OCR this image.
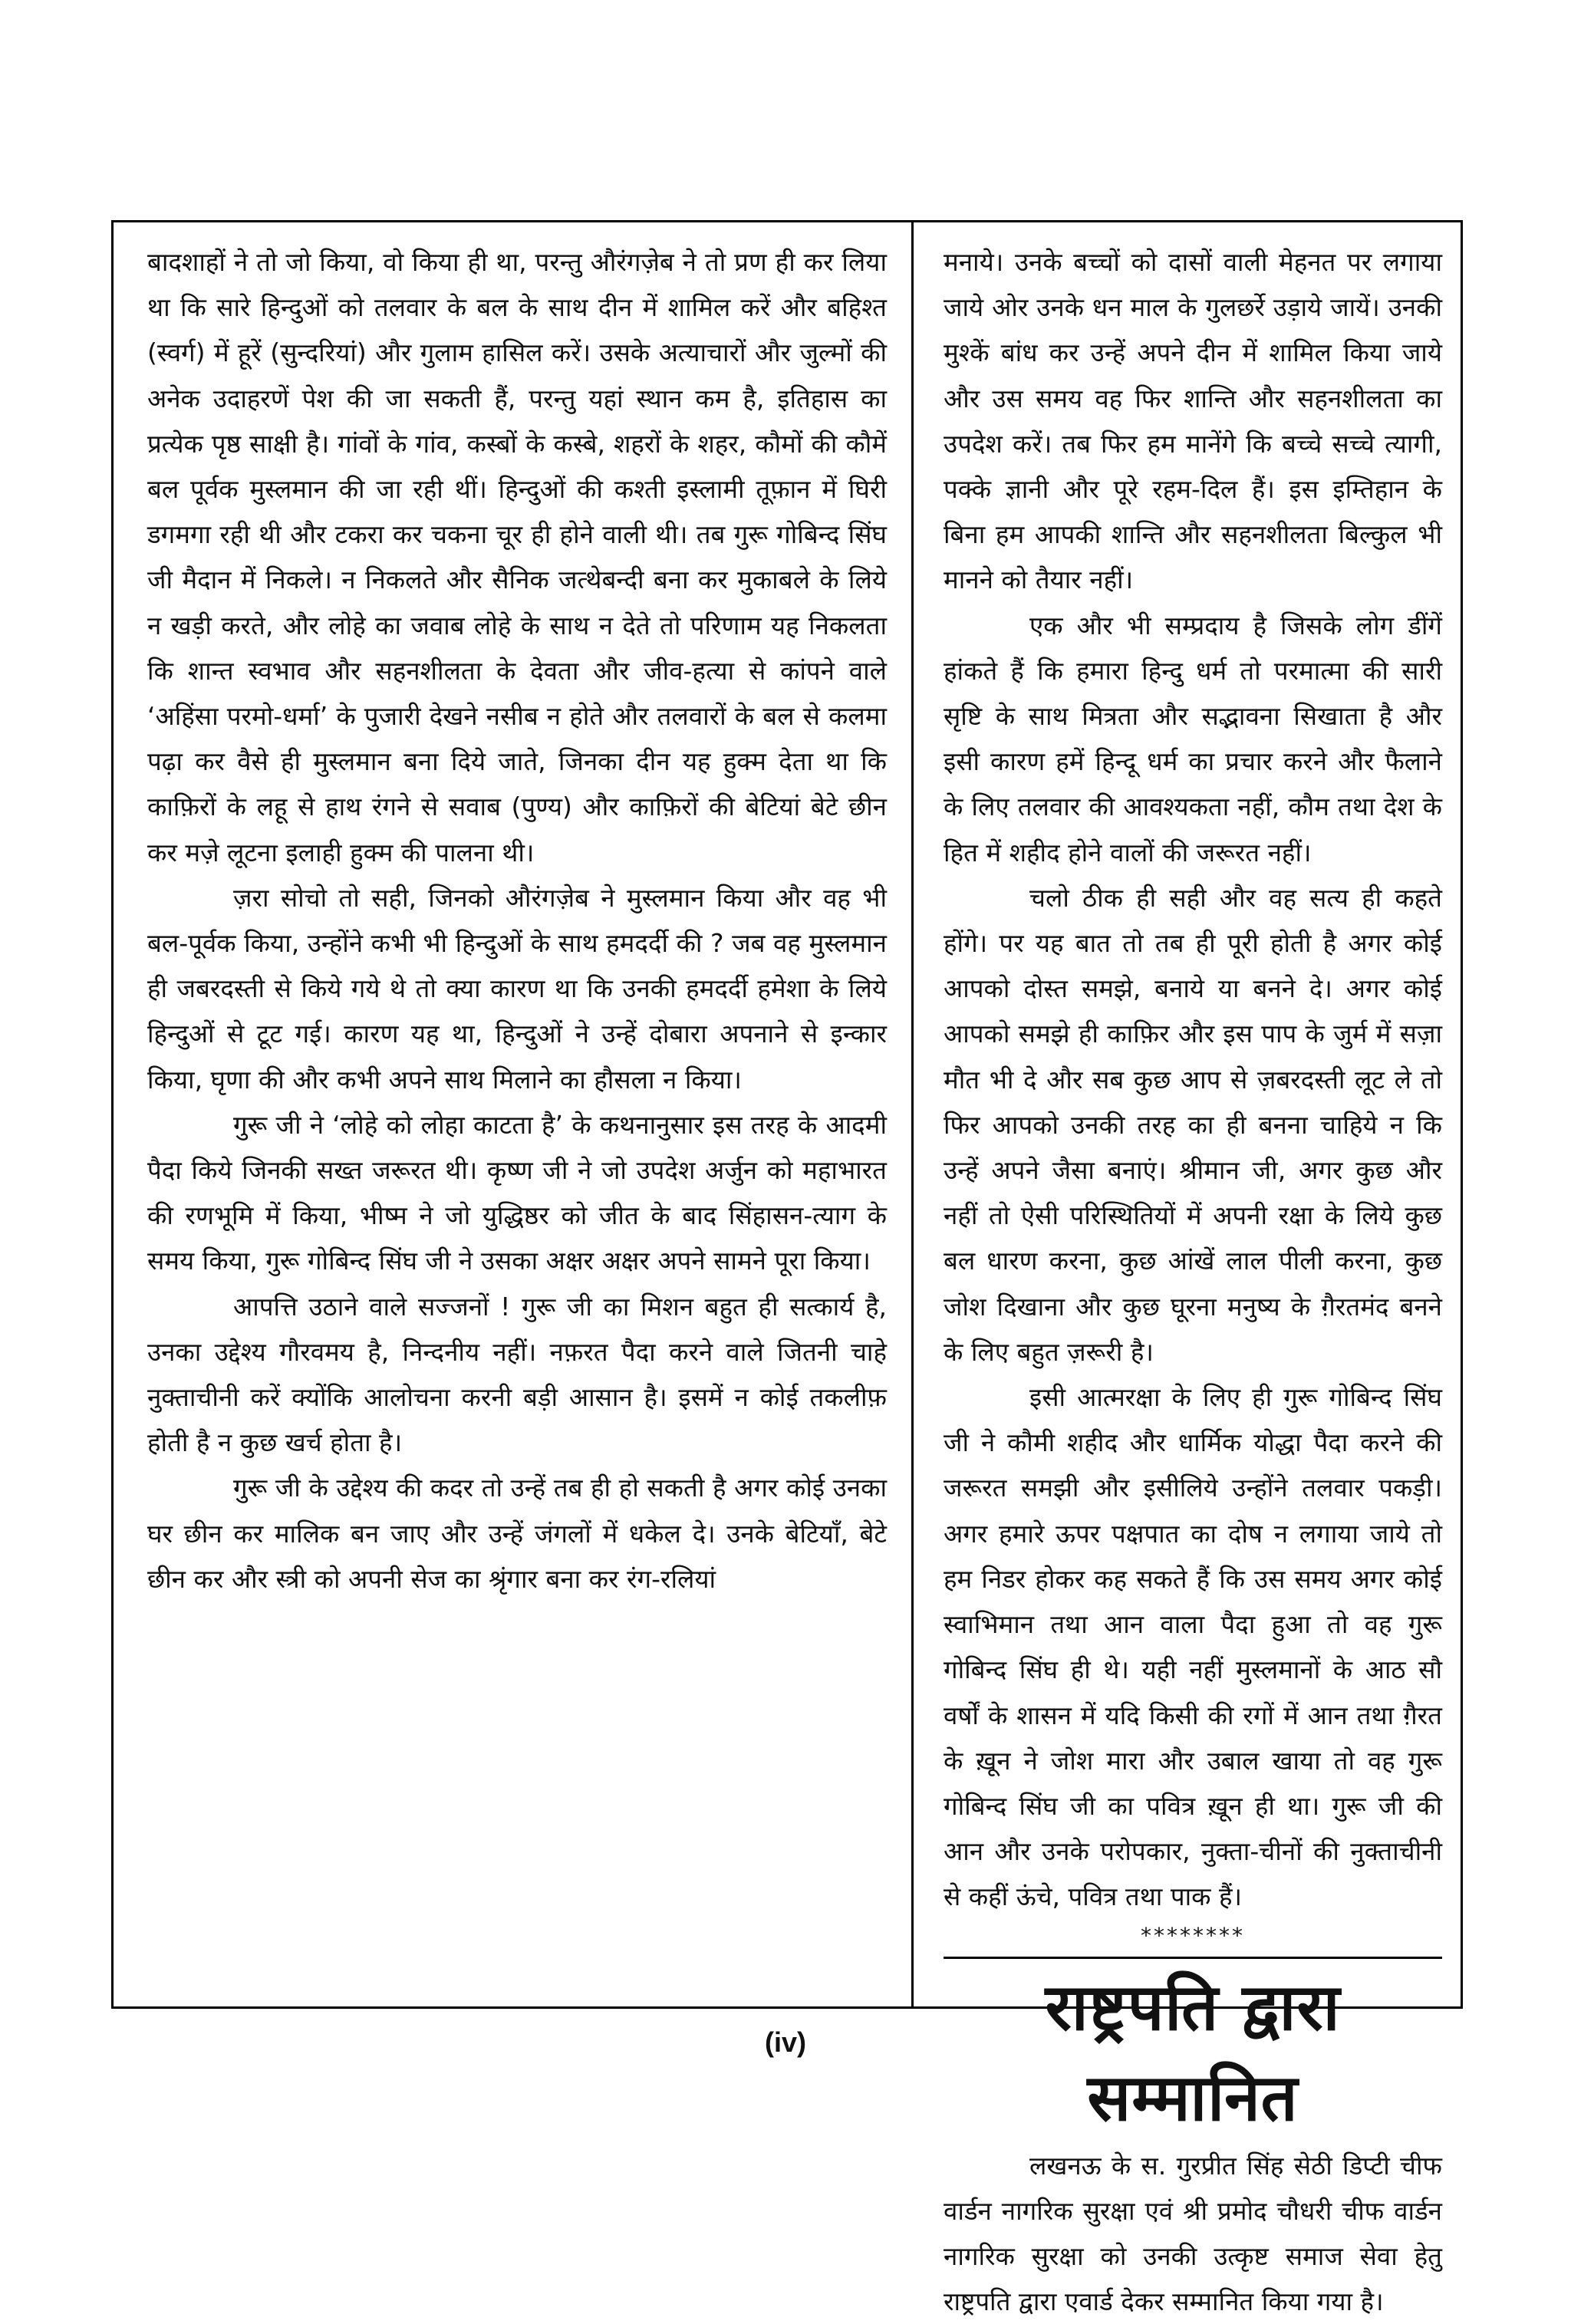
बादशाहों ने तो जो किया, वो किया ही था, परन्तु औरंगज़ेब ने तो प्रण ही कर लिया था कि सारे हिन्दुओं को तलवार के बल के साथ दीन में शामिल करें और बहिश्त (स्वर्ग) में हूरें (सुन्दरियां) और गुलाम हासिल करें। उसके अत्याचारों और जुल्मों की अनेक उदाहरणें पेश की जा सकती हैं, परन्तु यहां स्थान कम है, इतिहास का प्रत्येक पृष्ठ साक्षी है। गांवों के गांव, कस्बों के कस्बे, शहरों के शहर, कौमों की कौमें बल पूर्वक मुस्लमान की जा रही थीं। हिन्दुओं की कश्ती इस्लामी तूफ़ान में घिरी डगमगा रही थी और टकरा कर चकना चूर ही होने वाली थी। तब गुरू गोबिन्द सिंघ जी मैदान में निकले। न निकलते और सैनिक जत्थेबन्दी बना कर मुकाबले के लिये न खड़ी करते, और लोहे का जवाब लोहे के साथ न देते तो परिणाम यह निकलता कि शान्त स्वभाव और सहनशीलता के देवता और जीव-हत्या से कांपने वाले ‘अहिंसा परमो-धर्मा’ के पुजारी देखने नसीब न होते और तलवारों के बल से कलमा पढ़ा कर वैसे ही मुस्लमान बना दिये जाते, जिनका दीन यह हुक्म देता था कि काफ़िरों के लहू से हाथ रंगने से सवाब (पुण्य) और काफ़िरों की बेटियां बेटे छीन कर मज़े लूटना इलाही हुक्म की पालना थी।

ज़रा सोचो तो सही, जिनको औरंगज़ेब ने मुस्लमान किया और वह भी बल-पूर्वक किया, उन्होंने कभी भी हिन्दुओं के साथ हमदर्दी की ? जब वह मुस्लमान ही जबरदस्ती से किये गये थे तो क्या कारण था कि उनकी हमदर्दी हमेशा के लिये हिन्दुओं से टूट गई। कारण यह था, हिन्दुओं ने उन्हें दोबारा अपनाने से इन्कार किया, घृणा की और कभी अपने साथ मिलाने का हौसला न किया।

गुरू जी ने ‘लोहे को लोहा काटता है’ के कथनानुसार इस तरह के आदमी पैदा किये जिनकी सख्त जरूरत थी। कृष्ण जी ने जो उपदेश अर्जुन को महाभारत की रणभूमि में किया, भीष्म ने जो युद्धिष्ठर को जीत के बाद सिंहासन-त्याग के समय किया, गुरू गोबिन्द सिंघ जी ने उसका अक्षर अक्षर अपने सामने पूरा किया।

आपत्ति उठाने वाले सज्जनों ! गुरू जी का मिशन बहुत ही सत्कार्य है, उनका उद्देश्य गौरवमय है, निन्दनीय नहीं। नफ़रत पैदा करने वाले जितनी चाहे नुक्ताचीनी करें क्योंकि आलोचना करनी बड़ी आसान है। इसमें न कोई तकलीफ़ होती है न कुछ खर्च होता है।

गुरू जी के उद्देश्य की कदर तो उन्हें तब ही हो सकती है अगर कोई उनका घर छीन कर मालिक बन जाए और उन्हें जंगलों में धकेल दे। उनके बेटियाँ, बेटे छीन कर और स्त्री को अपनी सेज का श्रृंगार बना कर रंग-रलियां

मनाये। उनके बच्चों को दासों वाली मेहनत पर लगाया जाये ओर उनके धन माल के गुलछर्रे उड़ाये जायें। उनकी मुश्कें बांध कर उन्हें अपने दीन में शामिल किया जाये और उस समय वह फिर शान्ति और सहनशीलता का उपदेश करें। तब फिर हम मानेंगे कि बच्चे सच्चे त्यागी, पक्के ज्ञानी और पूरे रहम-दिल हैं। इस इम्तिहान के बिना हम आपकी शान्ति और सहनशीलता बिल्कुल भी मानने को तैयार नहीं।

एक और भी सम्प्रदाय है जिसके लोग डींगें हांकते हैं कि हमारा हिन्दु धर्म तो परमात्मा की सारी सृष्टि के साथ मित्रता और सद्भावना सिखाता है और इसी कारण हमें हिन्दू धर्म का प्रचार करने और फैलाने के लिए तलवार की आवश्यकता नहीं, कौम तथा देश के हित में शहीद होने वालों की जरूरत नहीं।

चलो ठीक ही सही और वह सत्य ही कहते होंगे। पर यह बात तो तब ही पूरी होती है अगर कोई आपको दोस्त समझे, बनाये या बनने दे। अगर कोई आपको समझे ही काफ़िर और इस पाप के जुर्म में सज़ा मौत भी दे और सब कुछ आप से ज़बरदस्ती लूट ले तो फिर आपको उनकी तरह का ही बनना चाहिये न कि उन्हें अपने जैसा बनाएं। श्रीमान जी, अगर कुछ और नहीं तो ऐसी परिस्थितियों में अपनी रक्षा के लिये कुछ बल धारण करना, कुछ आंखें लाल पीली करना, कुछ जोश दिखाना और कुछ घूरना मनुष्य के ग़ैरतमंद बनने के लिए बहुत ज़रूरी है।

इसी आत्मरक्षा के लिए ही गुरू गोबिन्द सिंघ जी ने कौमी शहीद और धार्मिक योद्धा पैदा करने की जरूरत समझी और इसीलिये उन्होंने तलवार पकड़ी। अगर हमारे ऊपर पक्षपात का दोष न लगाया जाये तो हम निडर होकर कह सकते हैं कि उस समय अगर कोई स्वाभिमान तथा आन वाला पैदा हुआ तो वह गुरू गोबिन्द सिंघ ही थे। यही नहीं मुस्लमानों के आठ सौ वर्षों के शासन में यदि किसी की रगों में आन तथा ग़ैरत के ख़ून ने जोश मारा और उबाल खाया तो वह गुरू गोबिन्द सिंघ जी का पवित्र ख़ून ही था। गुरू जी की आन और उनके परोपकार, नुक्ता-चीनों की नुक्ताचीनी से कहीं ऊंचे, पवित्र तथा पाक हैं।

********
राष्ट्रपति द्वारा सम्मानित

लखनऊ के स. गुरप्रीत सिंह सेठी डिप्टी चीफ वार्डन नागरिक सुरक्षा एवं श्री प्रमोद चौधरी चीफ वार्डन नागरिक सुरक्षा को उनकी उत्कृष्ट समाज सेवा हेतु राष्ट्रपति द्वारा एवार्ड देकर सम्मानित किया गया है।

(iv)
